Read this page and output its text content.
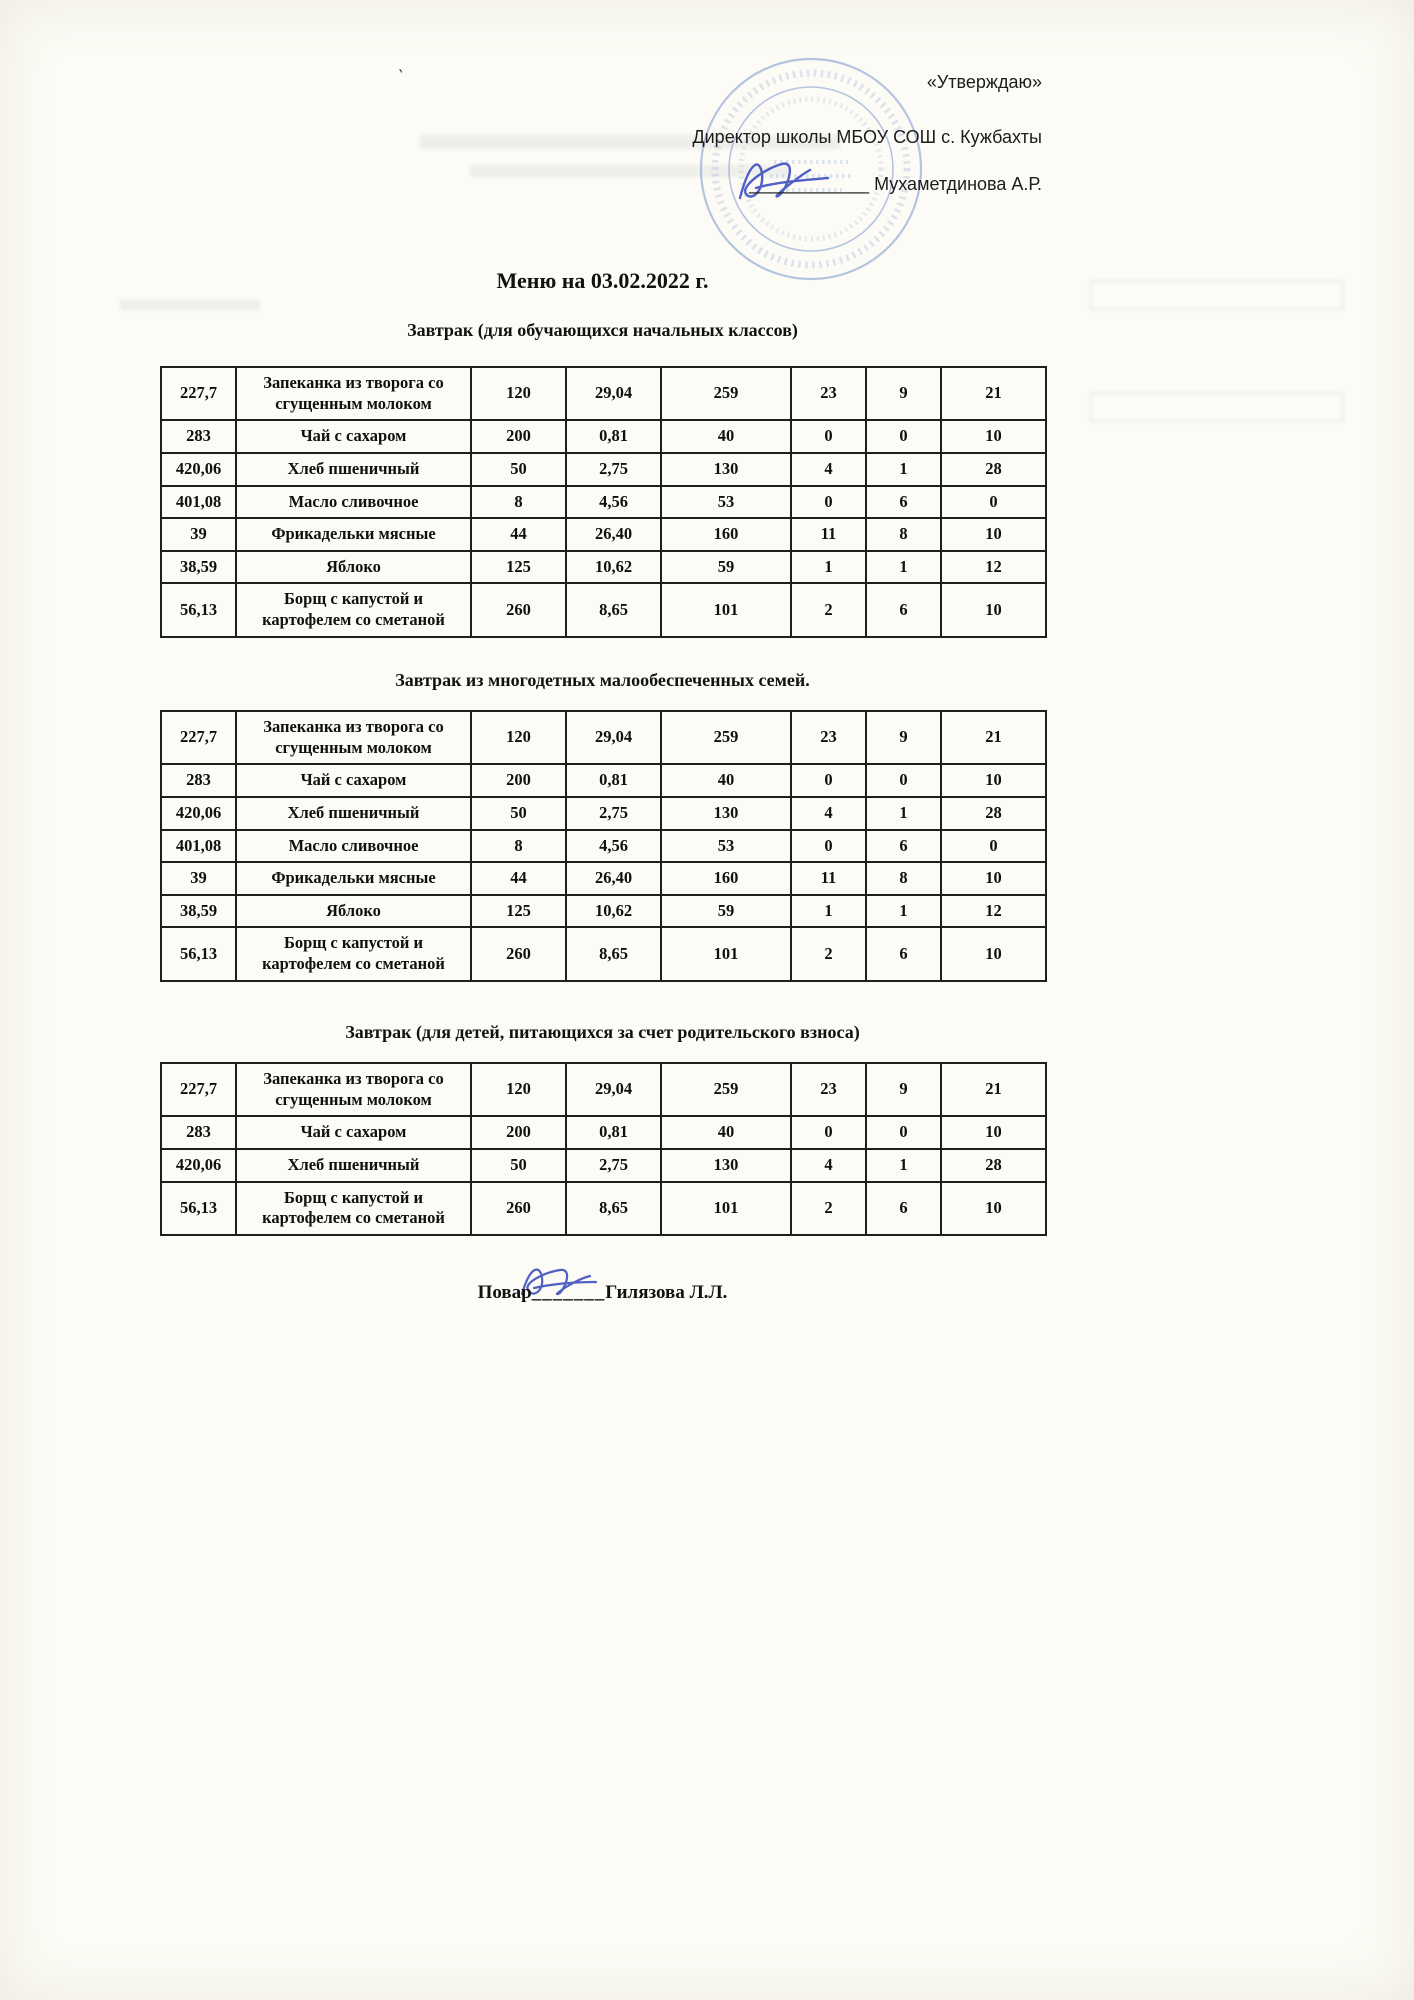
`	«Утверждаю»
Директор школы МБОУ СОШ с. Кужбахты
____________ Мухаметдинова А.Р.
Меню на 03.02.2022 г.
Завтрак (для обучающихся начальных классов)
227,7	Запеканка из творога со сгущенным молоком	120	29,04	259	23	9	21
283	Чай с сахаром	200	0,81	40	0	0	10
420,06	Хлеб пшеничный	50	2,75	130	4	1	28
401,08	Масло сливочное	8	4,56	53	0	6	0
39	Фрикадельки мясные	44	26,40	160	11	8	10
38,59	Яблоко	125	10,62	59	1	1	12
56,13	Борщ с капустой и картофелем со сметаной	260	8,65	101	2	6	10
Завтрак из многодетных малообеспеченных семей.
227,7	Запеканка из творога со сгущенным молоком	120	29,04	259	23	9	21
283	Чай с сахаром	200	0,81	40	0	0	10
420,06	Хлеб пшеничный	50	2,75	130	4	1	28
401,08	Масло сливочное	8	4,56	53	0	6	0
39	Фрикадельки мясные	44	26,40	160	11	8	10
38,59	Яблоко	125	10,62	59	1	1	12
56,13	Борщ с капустой и картофелем со сметаной	260	8,65	101	2	6	10
Завтрак (для детей, питающихся за счет родительского взноса)
227,7	Запеканка из творога со сгущенным молоком	120	29,04	259	23	9	21
283	Чай с сахаром	200	0,81	40	0	0	10
420,06	Хлеб пшеничный	50	2,75	130	4	1	28
56,13	Борщ с капустой и картофелем со сметаной	260	8,65	101	2	6	10
Повар_______Гилязова Л.Л.
